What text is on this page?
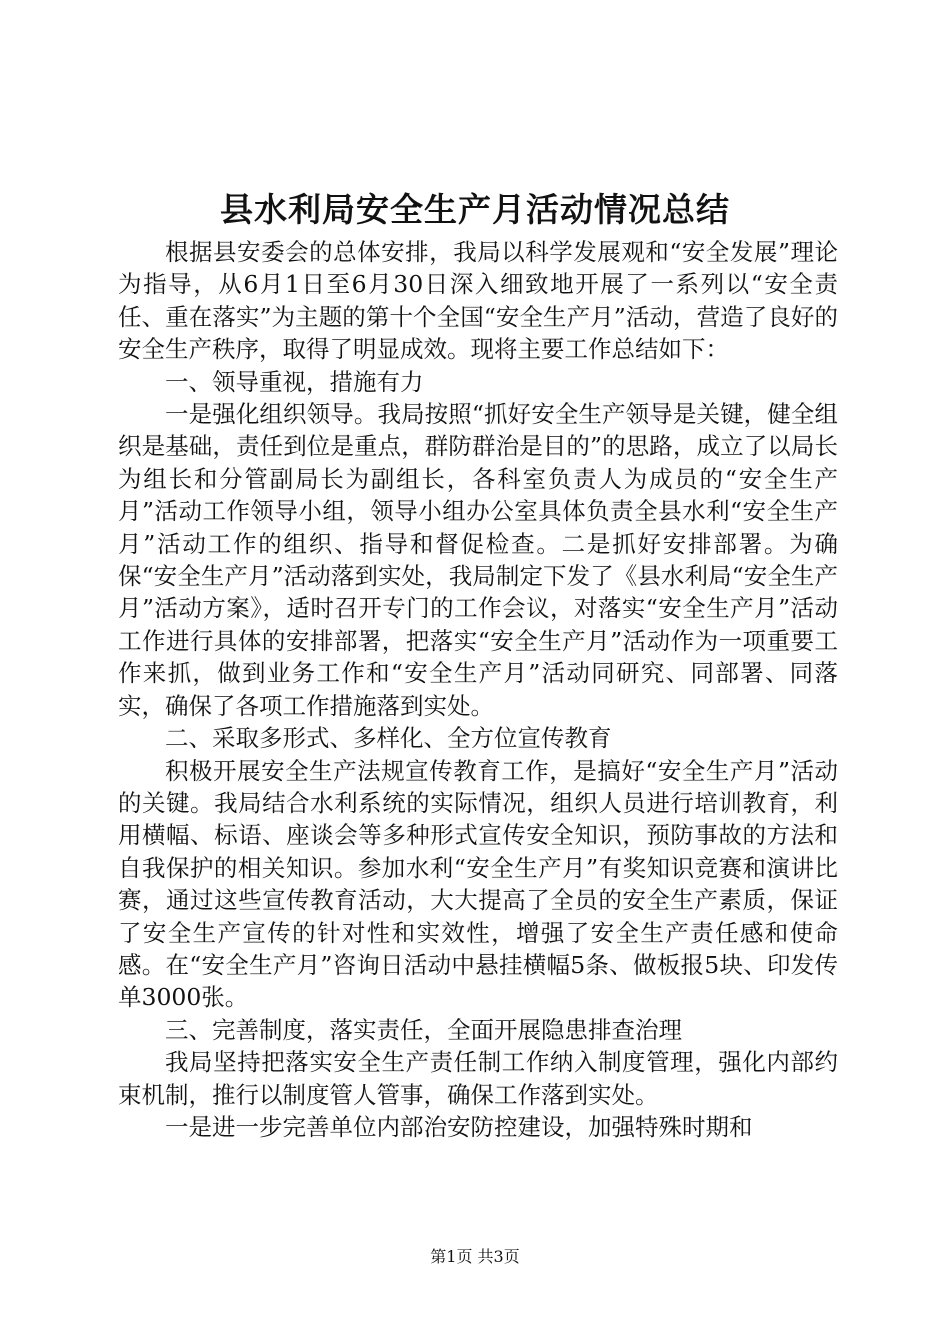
县水利局安全生产月活动情况总结

根据县安委会的总体安排，我局以科学发展观和“安全发展”理论为指导，从6月1日至6月30日深入细致地开展了一系列以“安全责任、重在落实”为主题的第十个全国“安全生产月”活动，营造了良好的安全生产秩序，取得了明显成效。现将主要工作总结如下：

一、领导重视，措施有力

一是强化组织领导。我局按照“抓好安全生产领导是关键，健全组织是基础，责任到位是重点，群防群治是目的”的思路，成立了以局长为组长和分管副局长为副组长，各科室负责人为成员的“安全生产月”活动工作领导小组，领导小组办公室具体负责全县水利“安全生产月”活动工作的组织、指导和督促检查。二是抓好安排部署。为确保“安全生产月”活动落到实处，我局制定下发了《县水利局“安全生产月”活动方案》，适时召开专门的工作会议，对落实“安全生产月”活动工作进行具体的安排部署，把落实“安全生产月”活动作为一项重要工作来抓，做到业务工作和“安全生产月”活动同研究、同部署、同落实，确保了各项工作措施落到实处。

二、采取多形式、多样化、全方位宣传教育

积极开展安全生产法规宣传教育工作，是搞好“安全生产月”活动的关键。我局结合水利系统的实际情况，组织人员进行培训教育，利用横幅、标语、座谈会等多种形式宣传安全知识，预防事故的方法和自我保护的相关知识。参加水利“安全生产月”有奖知识竞赛和演讲比赛，通过这些宣传教育活动，大大提高了全员的安全生产素质，保证了安全生产宣传的针对性和实效性，增强了安全生产责任感和使命感。在“安全生产月”咨询日活动中悬挂横幅5条、做板报5块、印发传单3000张。

三、完善制度，落实责任，全面开展隐患排查治理

我局坚持把落实安全生产责任制工作纳入制度管理，强化内部约束机制，推行以制度管人管事，确保工作落到实处。

一是进一步完善单位内部治安防控建设，加强特殊时期和

第1页 共3页
